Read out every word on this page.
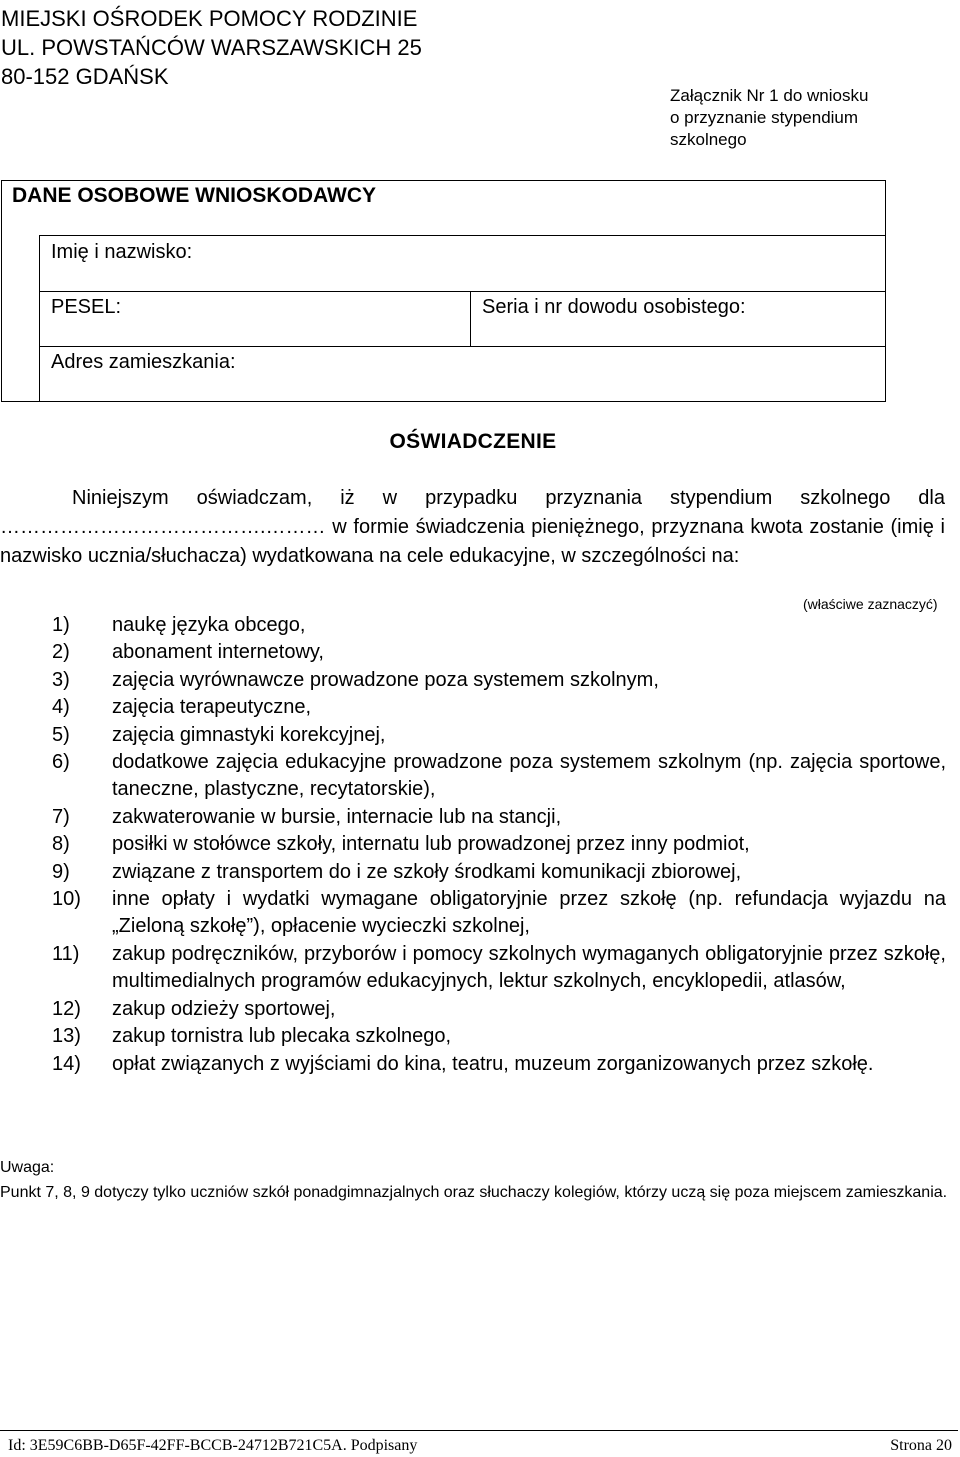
MIEJSKI OŚRODEK POMOCY RODZINIE
UL. POWSTAŃCÓW WARSZAWSKICH 25
80-152 GDAŃSK
Załącznik Nr 1 do wniosku
o przyznanie stypendium
szkolnego
DANE OSOBOWE WNIOSKODAWCY
Imię i nazwisko:
PESEL:	Seria i nr dowodu osobistego:
Adres zamieszkania:
OŚWIADCZENIE

Niniejszym oświadczam, iż w przypadku przyznania stypendium szkolnego dla ………………………………….……… w formie świadczenia pieniężnego, przyznana kwota zostanie (imię i nazwisko ucznia/słuchacza) wydatkowana na cele edukacyjne, w szczególności na:

(właściwe zaznaczyć)
1) naukę języka obcego,
2) abonament internetowy,
3) zajęcia wyrównawcze prowadzone poza systemem szkolnym,
4) zajęcia terapeutyczne,
5) zajęcia gimnastyki korekcyjnej,
6) dodatkowe zajęcia edukacyjne prowadzone poza systemem szkolnym (np. zajęcia sportowe, taneczne, plastyczne, recytatorskie),
7) zakwaterowanie w bursie, internacie lub na stancji,
8) posiłki w stołówce szkoły, internatu lub prowadzonej przez inny podmiot,
9) związane z transportem do i ze szkoły środkami komunikacji zbiorowej,
10) inne opłaty i wydatki wymagane obligatoryjnie przez szkołę (np. refundacja wyjazdu na „Zieloną szkołę”), opłacenie wycieczki szkolnej,
11) zakup podręczników, przyborów i pomocy szkolnych wymaganych obligatoryjnie przez szkołę, multimedialnych programów edukacyjnych, lektur szkolnych, encyklopedii, atlasów,
12) zakup odzieży sportowej,
13) zakup tornistra lub plecaka szkolnego,
14) opłat związanych z wyjściami do kina, teatru, muzeum zorganizowanych przez szkołę.
Uwaga:
Punkt 7, 8, 9 dotyczy tylko uczniów szkół ponadgimnazjalnych oraz słuchaczy kolegiów, którzy uczą się poza miejscem zamieszkania.
Id: 3E59C6BB-D65F-42FF-BCCB-24712B721C5A. Podpisany	Strona 20
